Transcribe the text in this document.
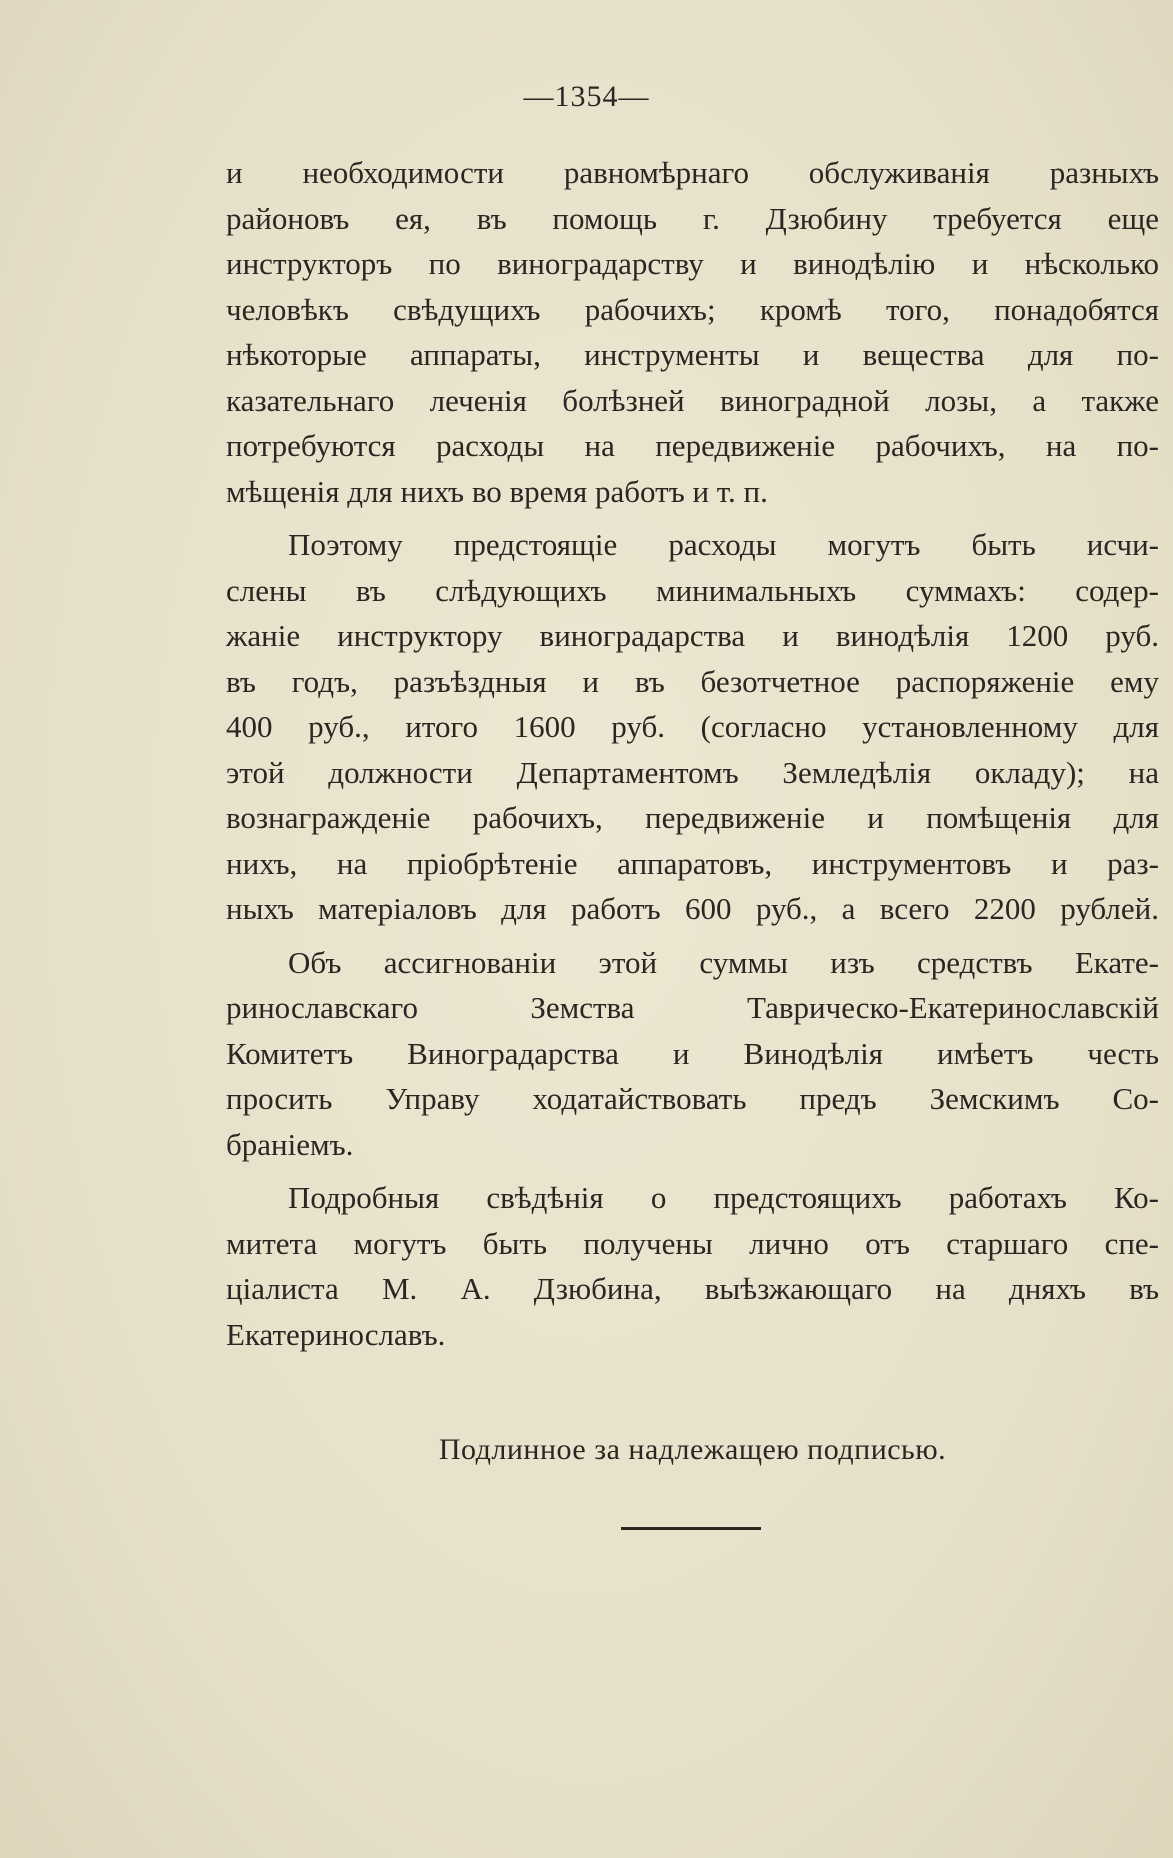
—1354—
и необходимости равномѣрнаго обслуживанія разныхъ
районовъ ея, въ помощь г. Дзюбину требуется еще
инструкторъ по виноградарству и винодѣлію и нѣсколько
человѣкъ свѣдущихъ рабочихъ; кромѣ того, понадобятся
нѣкоторые аппараты, инструменты и вещества для по-
казательнаго леченія болѣзней виноградной лозы, а также
потребуются расходы на передвиженіе рабочихъ, на по-
мѣщенія для нихъ во время работъ и т. п.
Поэтому предстоящіе расходы могутъ быть исчи-
слены въ слѣдующихъ минимальныхъ суммахъ: содер-
жаніе инструктору виноградарства и винодѣлія 1200 руб.
въ годъ, разъѣздныя и въ безотчетное распоряженіе ему
400 руб., итого 1600 руб. (согласно установленному для
этой должности Департаментомъ Земледѣлія окладу); на
вознагражденіе рабочихъ, передвиженіе и помѣщенія для
нихъ, на пріобрѣтеніе аппаратовъ, инструментовъ и раз-
ныхъ матеріаловъ для работъ 600 руб., а всего 2200 рублей.
Объ ассигнованіи этой суммы изъ средствъ Екате-
ринославскаго Земства Таврическо-Екатеринославскій
Комитетъ Виноградарства и Винодѣлія имѣетъ честь
просить Управу ходатайствовать предъ Земскимъ Со-
браніемъ.
Подробныя свѣдѣнія о предстоящихъ работахъ Ко-
митета могутъ быть получены лично отъ старшаго спе-
ціалиста М. А. Дзюбина, выѣзжающаго на дняхъ въ
Екатеринославъ.
Подлинное за надлежащею подписью.
